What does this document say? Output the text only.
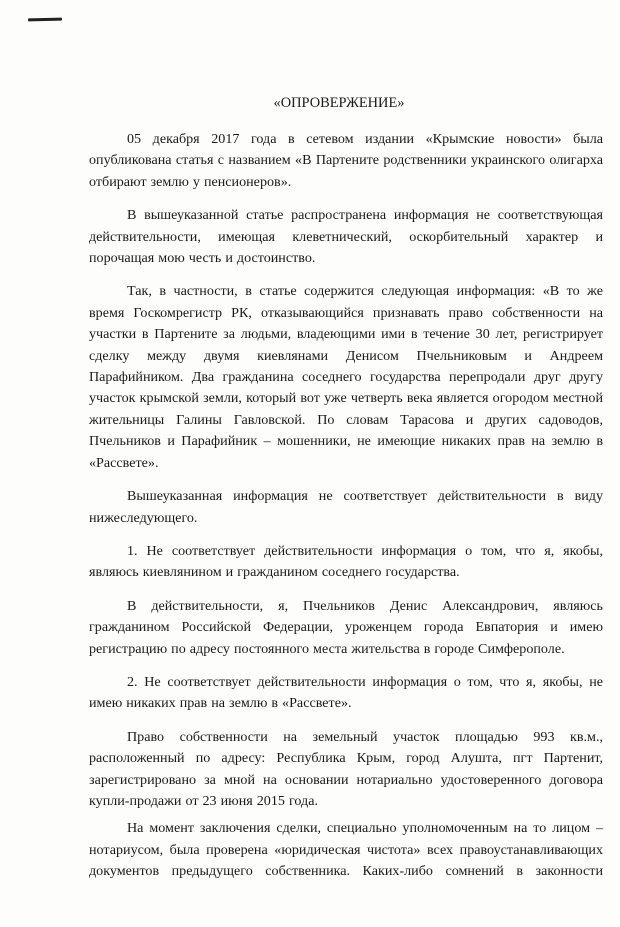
«ОПРОВЕРЖЕНИЕ»

05 декабря 2017 года в сетевом издании «Крымские новости» была опубликована статья с названием «В Партените родственники украинского олигарха отбирают землю у пенсионеров».

В вышеуказанной статье распространена информация не соответствующая действительности, имеющая клеветнический, оскорбительный характер и порочащая мою честь и достоинство.

Так, в частности, в статье содержится следующая информация: «В то же время Госкомрегистр РК, отказывающийся признавать право собственности на участки в Партените за людьми, владеющими ими в течение 30 лет, регистрирует сделку между двумя киевлянами Денисом Пчельниковым и Андреем Парафийником. Два гражданина соседнего государства перепродали друг другу участок крымской земли, который вот уже четверть века является огородом местной жительницы Галины Гавловской. По словам Тарасова и других садоводов, Пчельников и Парафийник – мошенники, не имеющие никаких прав на землю в «Рассвете».

Вышеуказанная информация не соответствует действительности в виду нижеследующего.

1. Не соответствует действительности информация о том, что я, якобы, являюсь киевлянином и гражданином соседнего государства.

В действительности, я, Пчельников Денис Александрович, являюсь гражданином Российской Федерации, уроженцем города Евпатория и имею регистрацию по адресу постоянного места жительства в городе Симферополе.

2. Не соответствует действительности информация о том, что я, якобы, не имею никаких прав на землю в «Рассвете».

Право собственности на земельный участок площадью 993 кв.м., расположенный по адресу: Республика Крым, город Алушта, пгт Партенит, зарегистрировано за мной на основании нотариально удостоверенного договора купли-продажи от 23 июня 2015 года.

На момент заключения сделки, специально уполномоченным на то лицом – нотариусом, была проверена «юридическая чистота» всех правоустанавливающих документов предыдущего собственника. Каких-либо сомнений в законности
